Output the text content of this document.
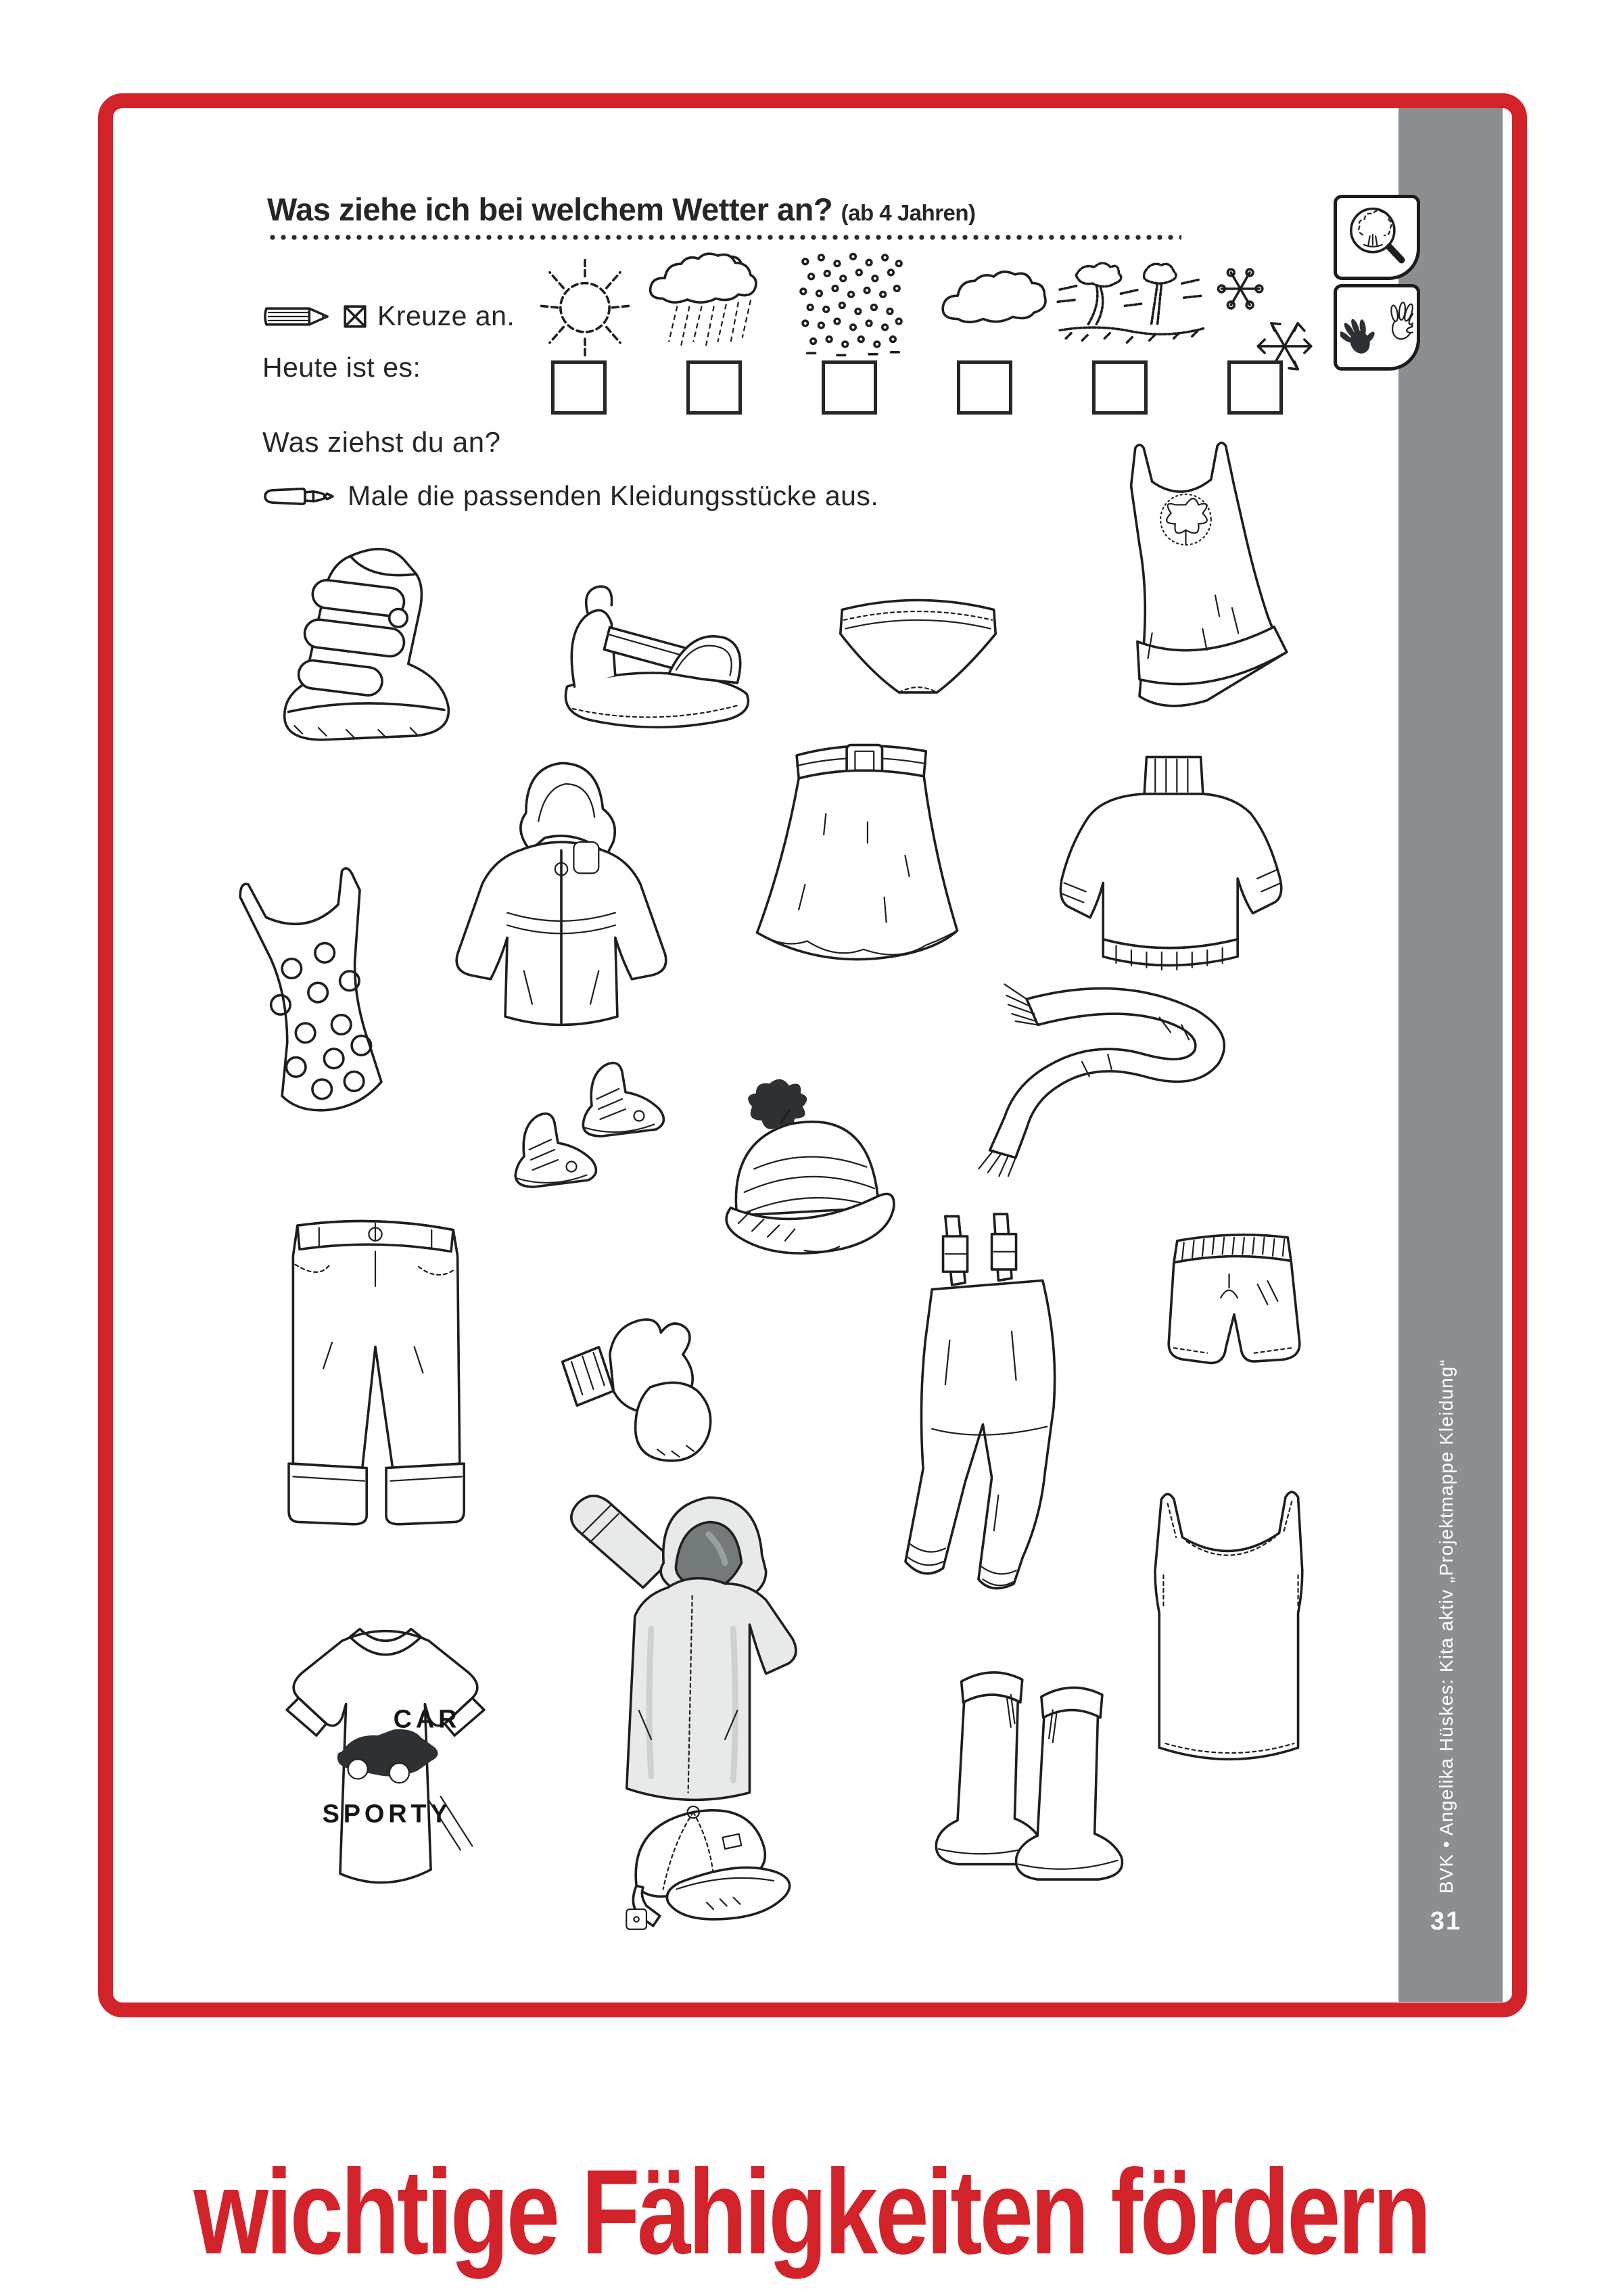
BVK • Angelika Hüskes: Kita aktiv „Projektmappe Kleidung“
31
Was ziehe ich bei welchem Wetter an? (ab 4 Jahren)
Kreuze an.
Heute ist es:
Was ziehst du an?
Male die passenden Kleidungsstücke aus.
CAR
SPORTY
wichtige Fähigkeiten fördern
